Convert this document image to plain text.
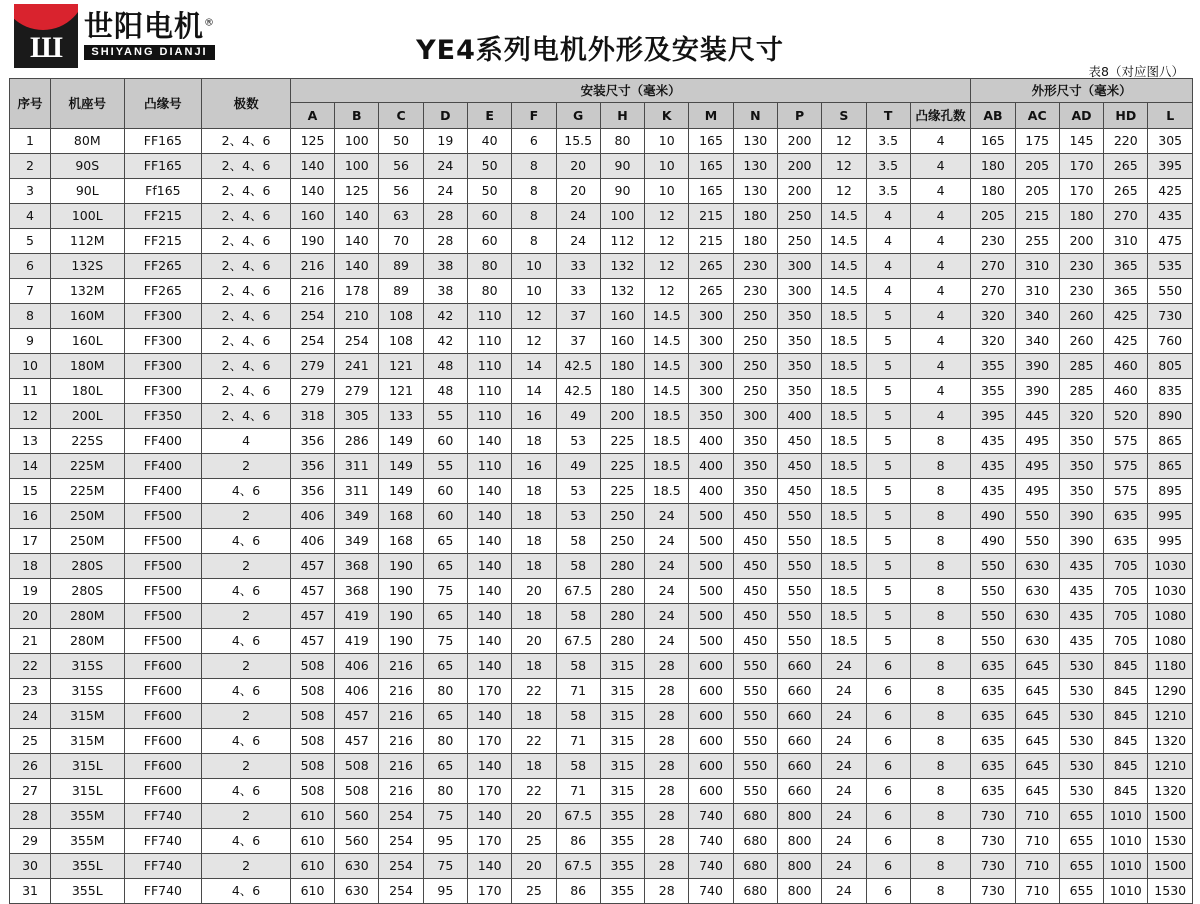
Ш
世阳电机®
SHIYANG DIANJI	YE4系列电机外形及安装尺寸
表8（对应图八）
序号	机座号	凸缘号	极数	安装尺寸（毫米）															外形尺寸（毫米）				
				A	B	C	D	E	F	G	H	K	M	N	P	S	T	凸缘孔数	AB	AC	AD	HD	L
1	80M	FF165	2、4、6	125	100	50	19	40	6	15.5	80	10	165	130	200	12	3.5	4	165	175	145	220	305
2	90S	FF165	2、4、6	140	100	56	24	50	8	20	90	10	165	130	200	12	3.5	4	180	205	170	265	395
3	90L	Ff165	2、4、6	140	125	56	24	50	8	20	90	10	165	130	200	12	3.5	4	180	205	170	265	425
4	100L	FF215	2、4、6	160	140	63	28	60	8	24	100	12	215	180	250	14.5	4	4	205	215	180	270	435
5	112M	FF215	2、4、6	190	140	70	28	60	8	24	112	12	215	180	250	14.5	4	4	230	255	200	310	475
6	132S	FF265	2、4、6	216	140	89	38	80	10	33	132	12	265	230	300	14.5	4	4	270	310	230	365	535
7	132M	FF265	2、4、6	216	178	89	38	80	10	33	132	12	265	230	300	14.5	4	4	270	310	230	365	550
8	160M	FF300	2、4、6	254	210	108	42	110	12	37	160	14.5	300	250	350	18.5	5	4	320	340	260	425	730
9	160L	FF300	2、4、6	254	254	108	42	110	12	37	160	14.5	300	250	350	18.5	5	4	320	340	260	425	760
10	180M	FF300	2、4、6	279	241	121	48	110	14	42.5	180	14.5	300	250	350	18.5	5	4	355	390	285	460	805
11	180L	FF300	2、4、6	279	279	121	48	110	14	42.5	180	14.5	300	250	350	18.5	5	4	355	390	285	460	835
12	200L	FF350	2、4、6	318	305	133	55	110	16	49	200	18.5	350	300	400	18.5	5	4	395	445	320	520	890
13	225S	FF400	4	356	286	149	60	140	18	53	225	18.5	400	350	450	18.5	5	8	435	495	350	575	865
14	225M	FF400	2	356	311	149	55	110	16	49	225	18.5	400	350	450	18.5	5	8	435	495	350	575	865
15	225M	FF400	4、6	356	311	149	60	140	18	53	225	18.5	400	350	450	18.5	5	8	435	495	350	575	895
16	250M	FF500	2	406	349	168	60	140	18	53	250	24	500	450	550	18.5	5	8	490	550	390	635	995
17	250M	FF500	4、6	406	349	168	65	140	18	58	250	24	500	450	550	18.5	5	8	490	550	390	635	995
18	280S	FF500	2	457	368	190	65	140	18	58	280	24	500	450	550	18.5	5	8	550	630	435	705	1030
19	280S	FF500	4、6	457	368	190	75	140	20	67.5	280	24	500	450	550	18.5	5	8	550	630	435	705	1030
20	280M	FF500	2	457	419	190	65	140	18	58	280	24	500	450	550	18.5	5	8	550	630	435	705	1080
21	280M	FF500	4、6	457	419	190	75	140	20	67.5	280	24	500	450	550	18.5	5	8	550	630	435	705	1080
22	315S	FF600	2	508	406	216	65	140	18	58	315	28	600	550	660	24	6	8	635	645	530	845	1180
23	315S	FF600	4、6	508	406	216	80	170	22	71	315	28	600	550	660	24	6	8	635	645	530	845	1290
24	315M	FF600	2	508	457	216	65	140	18	58	315	28	600	550	660	24	6	8	635	645	530	845	1210
25	315M	FF600	4、6	508	457	216	80	170	22	71	315	28	600	550	660	24	6	8	635	645	530	845	1320
26	315L	FF600	2	508	508	216	65	140	18	58	315	28	600	550	660	24	6	8	635	645	530	845	1210
27	315L	FF600	4、6	508	508	216	80	170	22	71	315	28	600	550	660	24	6	8	635	645	530	845	1320
28	355M	FF740	2	610	560	254	75	140	20	67.5	355	28	740	680	800	24	6	8	730	710	655	1010	1500
29	355M	FF740	4、6	610	560	254	95	170	25	86	355	28	740	680	800	24	6	8	730	710	655	1010	1530
30	355L	FF740	2	610	630	254	75	140	20	67.5	355	28	740	680	800	24	6	8	730	710	655	1010	1500
31	355L	FF740	4、6	610	630	254	95	170	25	86	355	28	740	680	800	24	6	8	730	710	655	1010	1530
